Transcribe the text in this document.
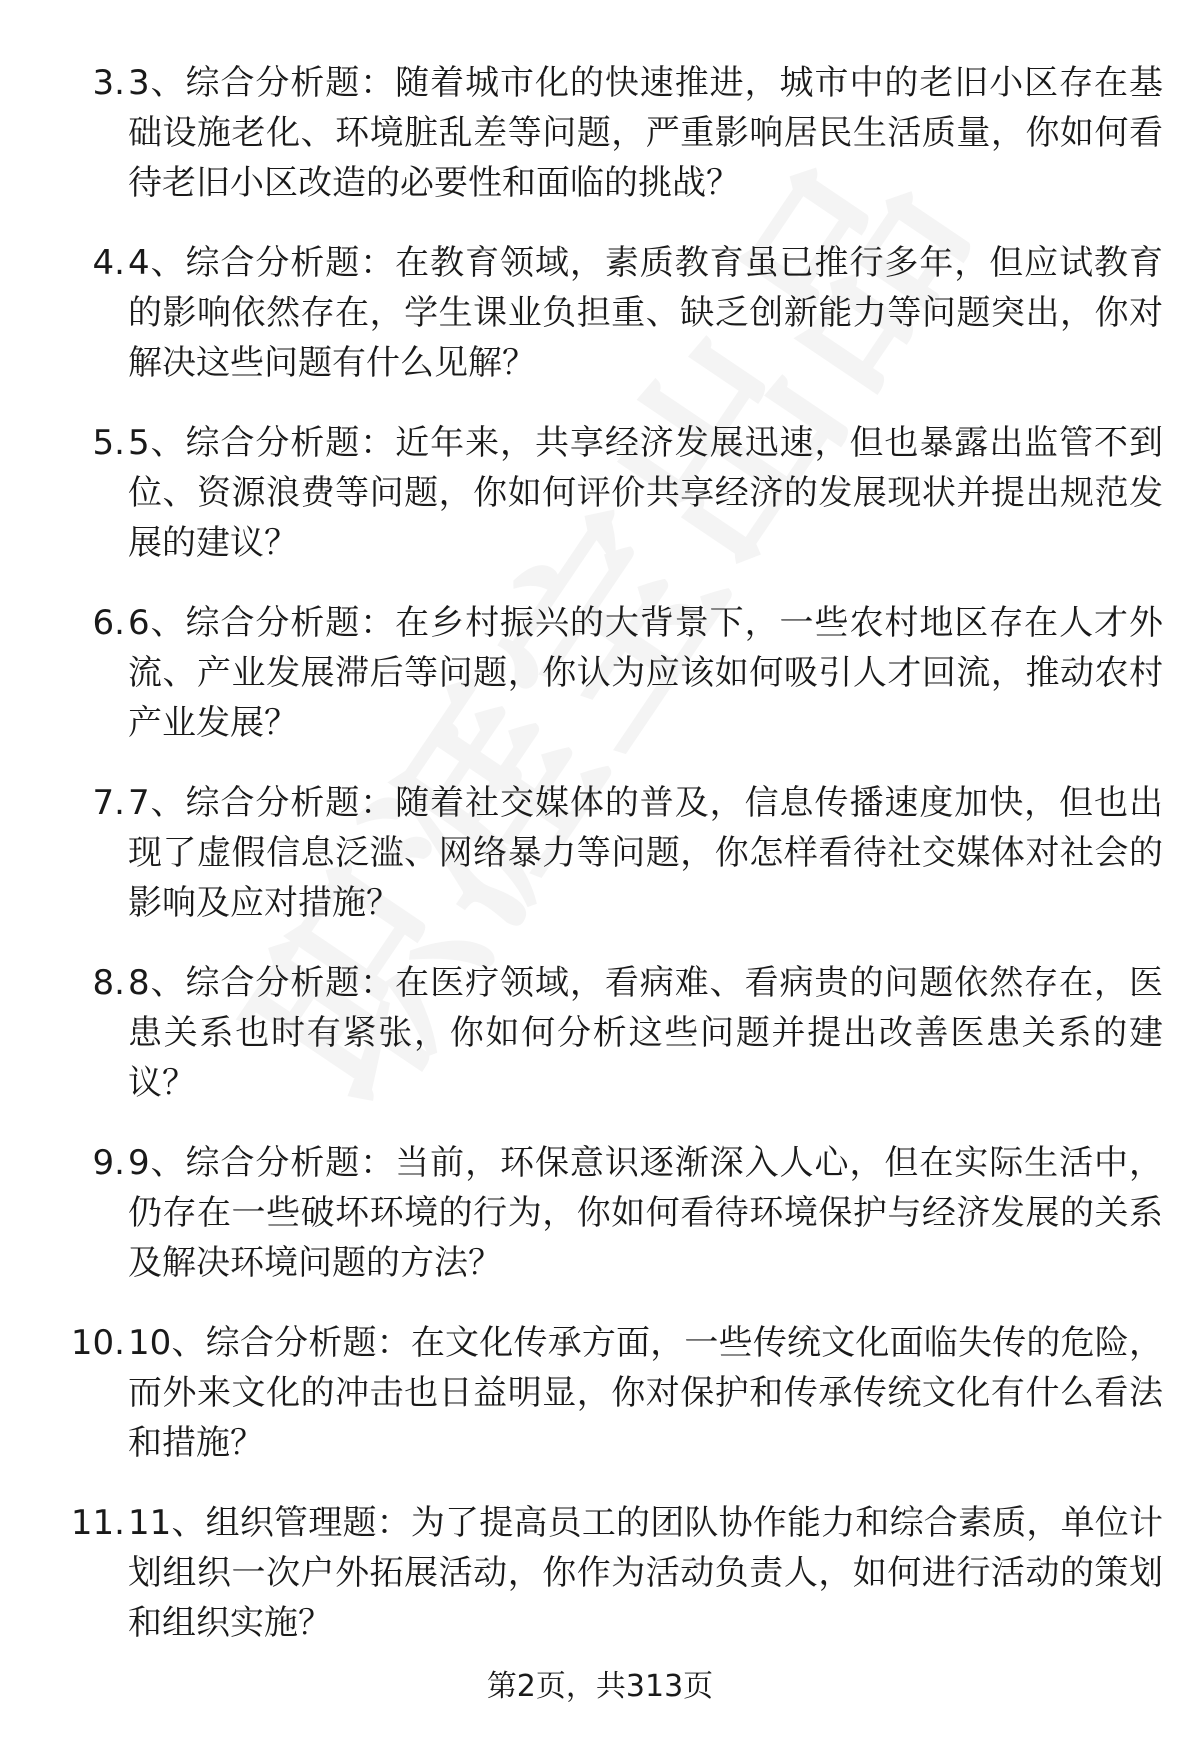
3. 3、综合分析题：随着城市化的快速推进，城市中的老旧小区存在基础设施老化、环境脏乱差等问题，严重影响居民生活质量，你如何看待老旧小区改造的必要性和面临的挑战？
4. 4、综合分析题：在教育领域，素质教育虽已推行多年，但应试教育的影响依然存在，学生课业负担重、缺乏创新能力等问题突出，你对解决这些问题有什么见解？
5. 5、综合分析题：近年来，共享经济发展迅速，但也暴露出监管不到位、资源浪费等问题，你如何评价共享经济的发展现状并提出规范发展的建议？
6. 6、综合分析题：在乡村振兴的大背景下，一些农村地区存在人才外流、产业发展滞后等问题，你认为应该如何吸引人才回流，推动农村产业发展？
7. 7、综合分析题：随着社交媒体的普及，信息传播速度加快，但也出现了虚假信息泛滥、网络暴力等问题，你怎样看待社交媒体对社会的影响及应对措施？
8. 8、综合分析题：在医疗领域，看病难、看病贵的问题依然存在，医患关系也时有紧张，你如何分析这些问题并提出改善医患关系的建议？
9. 9、综合分析题：当前，环保意识逐渐深入人心，但在实际生活中，仍存在一些破坏环境的行为，你如何看待环境保护与经济发展的关系及解决环境问题的方法？
10. 10、综合分析题：在文化传承方面，一些传统文化面临失传的危险，而外来文化的冲击也日益明显，你对保护和传承传统文化有什么看法和措施？
11. 11、组织管理题：为了提高员工的团队协作能力和综合素质，单位计划组织一次户外拓展活动，你作为活动负责人，如何进行活动的策划和组织实施？
第2页，共313页
